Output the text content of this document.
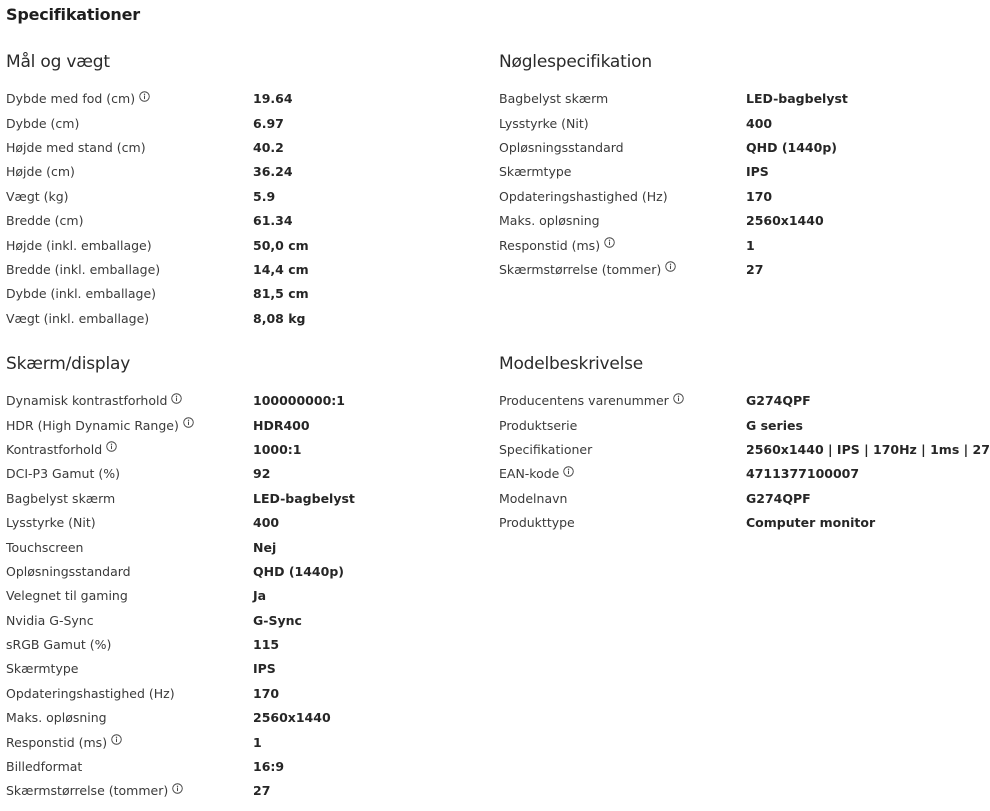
Specifikationer
Mål og vægt
Dybde med fod (cm)	19.64
Dybde (cm)	6.97
Højde med stand (cm)	40.2
Højde (cm)	36.24
Vægt (kg)	5.9
Bredde (cm)	61.34
Højde (inkl. emballage)	50,0 cm
Bredde (inkl. emballage)	14,4 cm
Dybde (inkl. emballage)	81,5 cm
Vægt (inkl. emballage)	8,08 kg
Nøglespecifikation
Bagbelyst skærm	LED-bagbelyst
Lysstyrke (Nit)	400
Opløsningsstandard	QHD (1440p)
Skærmtype	IPS
Opdateringshastighed (Hz)	170
Maks. opløsning	2560x1440
Responstid (ms)	1
Skærmstørrelse (tommer)	27
Skærm/display
Dynamisk kontrastforhold	100000000:1
HDR (High Dynamic Range)	HDR400
Kontrastforhold	1000:1
DCI-P3 Gamut (%)	92
Bagbelyst skærm	LED-bagbelyst
Lysstyrke (Nit)	400
Touchscreen	Nej
Opløsningsstandard	QHD (1440p)
Velegnet til gaming	Ja
Nvidia G-Sync	G-Sync
sRGB Gamut (%)	115
Skærmtype	IPS
Opdateringshastighed (Hz)	170
Maks. opløsning	2560x1440
Responstid (ms)	1
Billedformat	16:9
Skærmstørrelse (tommer)	27
Modelbeskrivelse
Producentens varenummer	G274QPF
Produktserie	G series
Specifikationer	2560x1440 | IPS | 170Hz | 1ms | 27
EAN-kode	4711377100007
Modelnavn	G274QPF
Produkttype	Computer monitor
